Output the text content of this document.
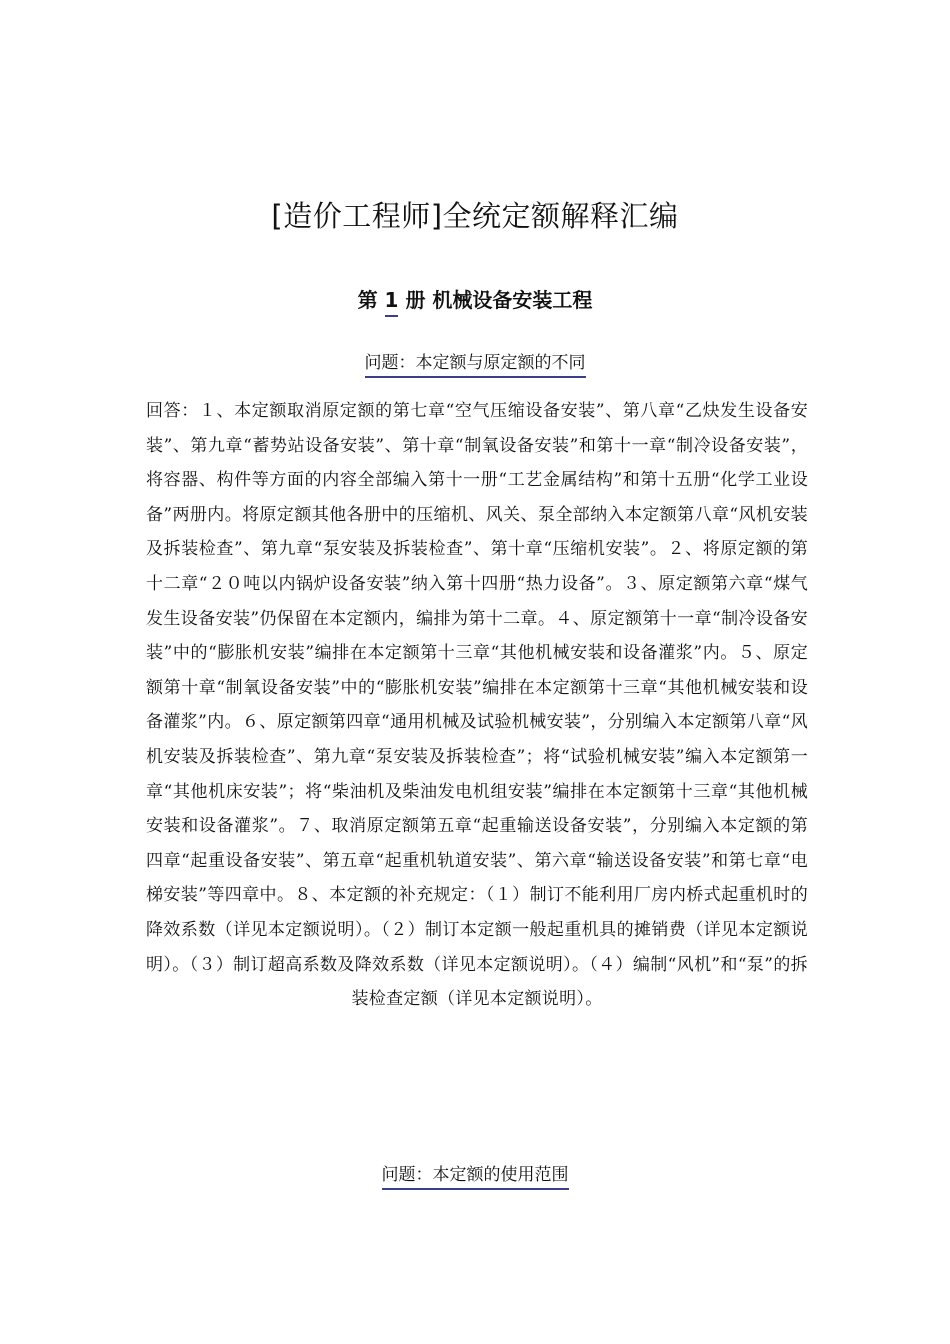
[造价工程师]全统定额解释汇编
第 1 册 机械设备安装工程
问题：本定额与原定额的不同
回答：１、本定额取消原定额的第七章“空气压缩设备安装”、第八章“乙炔发生设备安装”、第九章“蓄势站设备安装”、第十章“制氧设备安装”和第十一章“制冷设备安装”，将容器、构件等方面的内容全部编入第十一册“工艺金属结构”和第十五册“化学工业设备”两册内。将原定额其他各册中的压缩机、风关、泵全部纳入本定额第八章“风机安装及拆装检查”、第九章“泵安装及拆装检查”、第十章“压缩机安装”。２、将原定额的第十二章“２０吨以内锅炉设备安装”纳入第十四册“热力设备”。３、原定额第六章“煤气发生设备安装”仍保留在本定额内，编排为第十二章。４、原定额第十一章“制冷设备安装”中的“膨胀机安装”编排在本定额第十三章“其他机械安装和设备灌浆”内。５、原定额第十章“制氧设备安装”中的“膨胀机安装”编排在本定额第十三章“其他机械安装和设备灌浆”内。６、原定额第四章“通用机械及试验机械安装”，分别编入本定额第八章“风机安装及拆装检查”、第九章“泵安装及拆装检查”；将“试验机械安装”编入本定额第一章“其他机床安装”；将“柴油机及柴油发电机组安装”编排在本定额第十三章“其他机械安装和设备灌浆”。７、取消原定额第五章“起重输送设备安装”，分别编入本定额的第四章“起重设备安装”、第五章“起重机轨道安装”、第六章“输送设备安装”和第七章“电梯安装”等四章中。８、本定额的补充规定：（１）制订不能利用厂房内桥式起重机时的降效系数（详见本定额说明）。（２）制订本定额一般起重机具的摊销费（详见本定额说明）。（３）制订超高系数及降效系数（详见本定额说明）。（４）编制“风机”和“泵”的拆装检查定额（详见本定额说明）。
问题：本定额的使用范围
